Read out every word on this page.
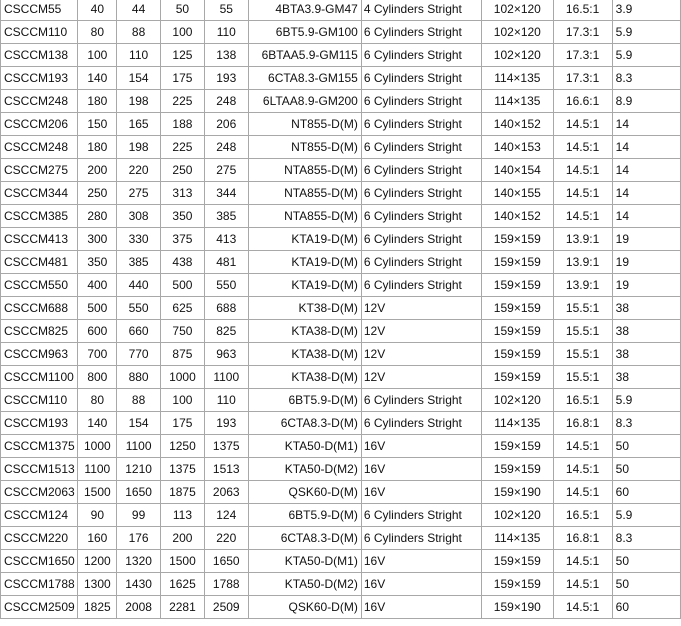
CSCCM55	40	44	50	55	4BTA3.9-GM47	4 Cylinders Stright	102×120	16.5:1	3.9
CSCCM110	80	88	100	110	6BT5.9-GM100	6 Cylinders Stright	102×120	17.3:1	5.9
CSCCM138	100	110	125	138	6BTAA5.9-GM115	6 Cylinders Stright	102×120	17.3:1	5.9
CSCCM193	140	154	175	193	6CTA8.3-GM155	6 Cylinders Stright	114×135	17.3:1	8.3
CSCCM248	180	198	225	248	6LTAA8.9-GM200	6 Cylinders Stright	114×135	16.6:1	8.9
CSCCM206	150	165	188	206	NT855-D(M)	6 Cylinders Stright	140×152	14.5:1	14
CSCCM248	180	198	225	248	NT855-D(M)	6 Cylinders Stright	140×153	14.5:1	14
CSCCM275	200	220	250	275	NTA855-D(M)	6 Cylinders Stright	140×154	14.5:1	14
CSCCM344	250	275	313	344	NTA855-D(M)	6 Cylinders Stright	140×155	14.5:1	14
CSCCM385	280	308	350	385	NTA855-D(M)	6 Cylinders Stright	140×152	14.5:1	14
CSCCM413	300	330	375	413	KTA19-D(M)	6 Cylinders Stright	159×159	13.9:1	19
CSCCM481	350	385	438	481	KTA19-D(M)	6 Cylinders Stright	159×159	13.9:1	19
CSCCM550	400	440	500	550	KTA19-D(M)	6 Cylinders Stright	159×159	13.9:1	19
CSCCM688	500	550	625	688	KT38-D(M)	12V	159×159	15.5:1	38
CSCCM825	600	660	750	825	KTA38-D(M)	12V	159×159	15.5:1	38
CSCCM963	700	770	875	963	KTA38-D(M)	12V	159×159	15.5:1	38
CSCCM1100	800	880	1000	1100	KTA38-D(M)	12V	159×159	15.5:1	38
CSCCM110	80	88	100	110	6BT5.9-D(M)	6 Cylinders Stright	102×120	16.5:1	5.9
CSCCM193	140	154	175	193	6CTA8.3-D(M)	6 Cylinders Stright	114×135	16.8:1	8.3
CSCCM1375	1000	1100	1250	1375	KTA50-D(M1)	16V	159×159	14.5:1	50
CSCCM1513	1100	1210	1375	1513	KTA50-D(M2)	16V	159×159	14.5:1	50
CSCCM2063	1500	1650	1875	2063	QSK60-D(M)	16V	159×190	14.5:1	60
CSCCM124	90	99	113	124	6BT5.9-D(M)	6 Cylinders Stright	102×120	16.5:1	5.9
CSCCM220	160	176	200	220	6CTA8.3-D(M)	6 Cylinders Stright	114×135	16.8:1	8.3
CSCCM1650	1200	1320	1500	1650	KTA50-D(M1)	16V	159×159	14.5:1	50
CSCCM1788	1300	1430	1625	1788	KTA50-D(M2)	16V	159×159	14.5:1	50
CSCCM2509	1825	2008	2281	2509	QSK60-D(M)	16V	159×190	14.5:1	60
